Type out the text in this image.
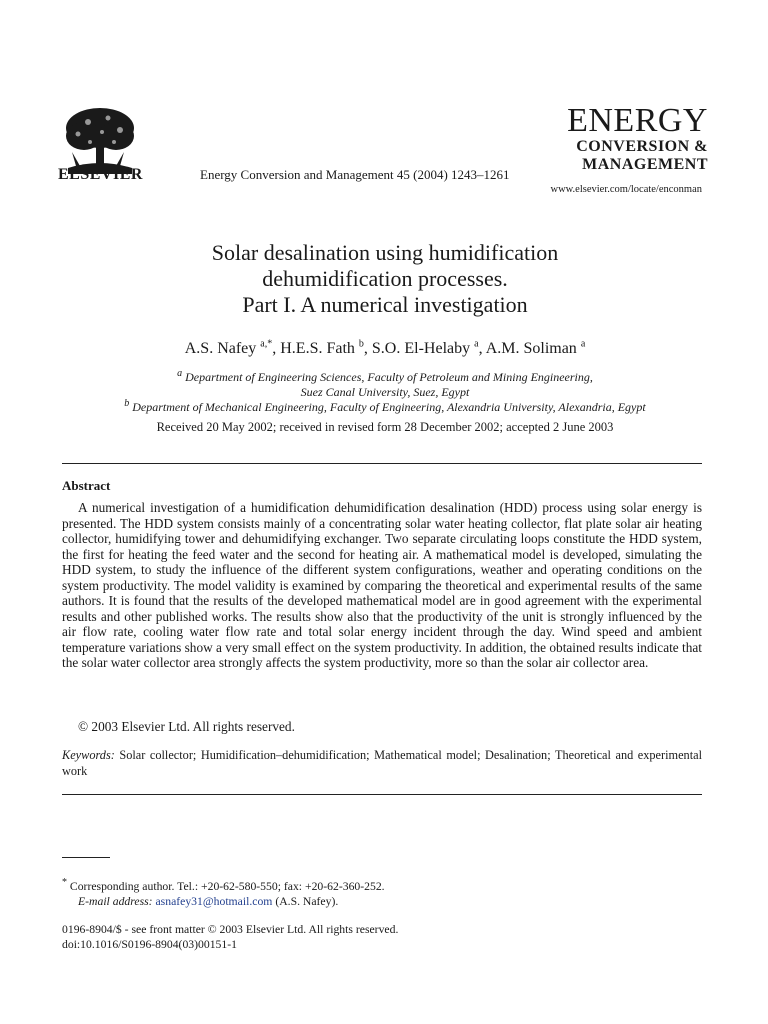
ELSEVIER	Energy Conversion and Management 45 (2004) 1243–1261
ENERGY
CONVERSION &
MANAGEMENT
www.elsevier.com/locate/enconman
Solar desalination using humidification
dehumidification processes.
Part I. A numerical investigation
A.S. Nafey $^{a,*}$, H.E.S. Fath $^b$, S.O. El-Helaby $^a$, A.M. Soliman $^a$
$^a$ Department of Engineering Sciences, Faculty of Petroleum and Mining Engineering,
Suez Canal University, Suez, Egypt
$^b$ Department of Mechanical Engineering, Faculty of Engineering, Alexandria University, Alexandria, Egypt
Received 20 May 2002; received in revised form 28 December 2002; accepted 2 June 2003
Abstract
A numerical investigation of a humidification dehumidification desalination (HDD) process using solar energy is presented. The HDD system consists mainly of a concentrating solar water heating collector, flat plate solar air heating collector, humidifying tower and dehumidifying exchanger. Two separate circulating loops constitute the HDD system, the first for heating the feed water and the second for heating air. A mathematical model is developed, simulating the HDD system, to study the influence of the different system configurations, weather and operating conditions on the system productivity. The model validity is examined by comparing the theoretical and experimental results of the same authors. It is found that the results of the developed mathematical model are in good agreement with the experimental results and other published works. The results show also that the productivity of the unit is strongly influenced by the air flow rate, cooling water flow rate and total solar energy incident through the day. Wind speed and ambient temperature variations show a very small effect on the system productivity. In addition, the obtained results indicate that the solar water collector area strongly affects the system productivity, more so than the solar air collector area.
© 2003 Elsevier Ltd. All rights reserved.
Keywords: Solar collector; Humidification–dehumidification; Mathematical model; Desalination; Theoretical and experimental work
* Corresponding author. Tel.: +20-62-580-550; fax: +20-62-360-252.
E-mail address: asnafey31@hotmail.com (A.S. Nafey).
0196-8904/$ - see front matter © 2003 Elsevier Ltd. All rights reserved.
doi:10.1016/S0196-8904(03)00151-1
